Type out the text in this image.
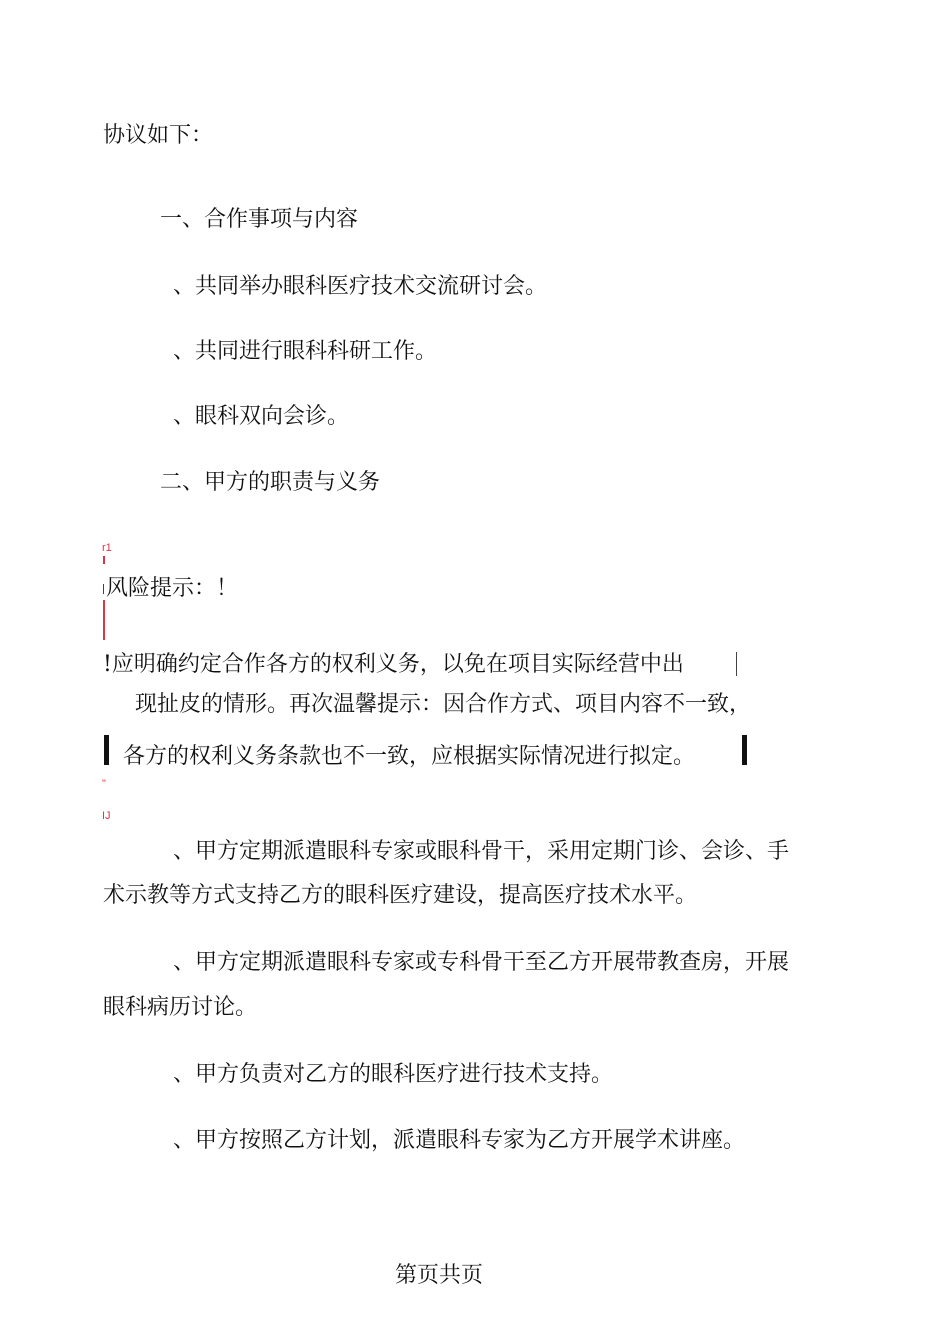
协议如下：
一、合作事项与内容
、共同举办眼科医疗技术交流研讨会。
、共同进行眼科科研工作。
、眼科双向会诊。
二、甲方的职责与义务
r1
风险提示：！
!应明确约定合作各方的权利义务，以免在项目实际经营中出
现扯皮的情形。再次温馨提示：因合作方式、项目内容不一致，
各方的权利义务条款也不一致，应根据实际情况进行拟定。
"
IJ
、甲方定期派遣眼科专家或眼科骨干，采用定期门诊、会诊、手
术示教等方式支持乙方的眼科医疗建设，提高医疗技术水平。
、甲方定期派遣眼科专家或专科骨干至乙方开展带教查房，开展
眼科病历讨论。
、甲方负责对乙方的眼科医疗进行技术支持。
、甲方按照乙方计划，派遣眼科专家为乙方开展学术讲座。
第页共页
